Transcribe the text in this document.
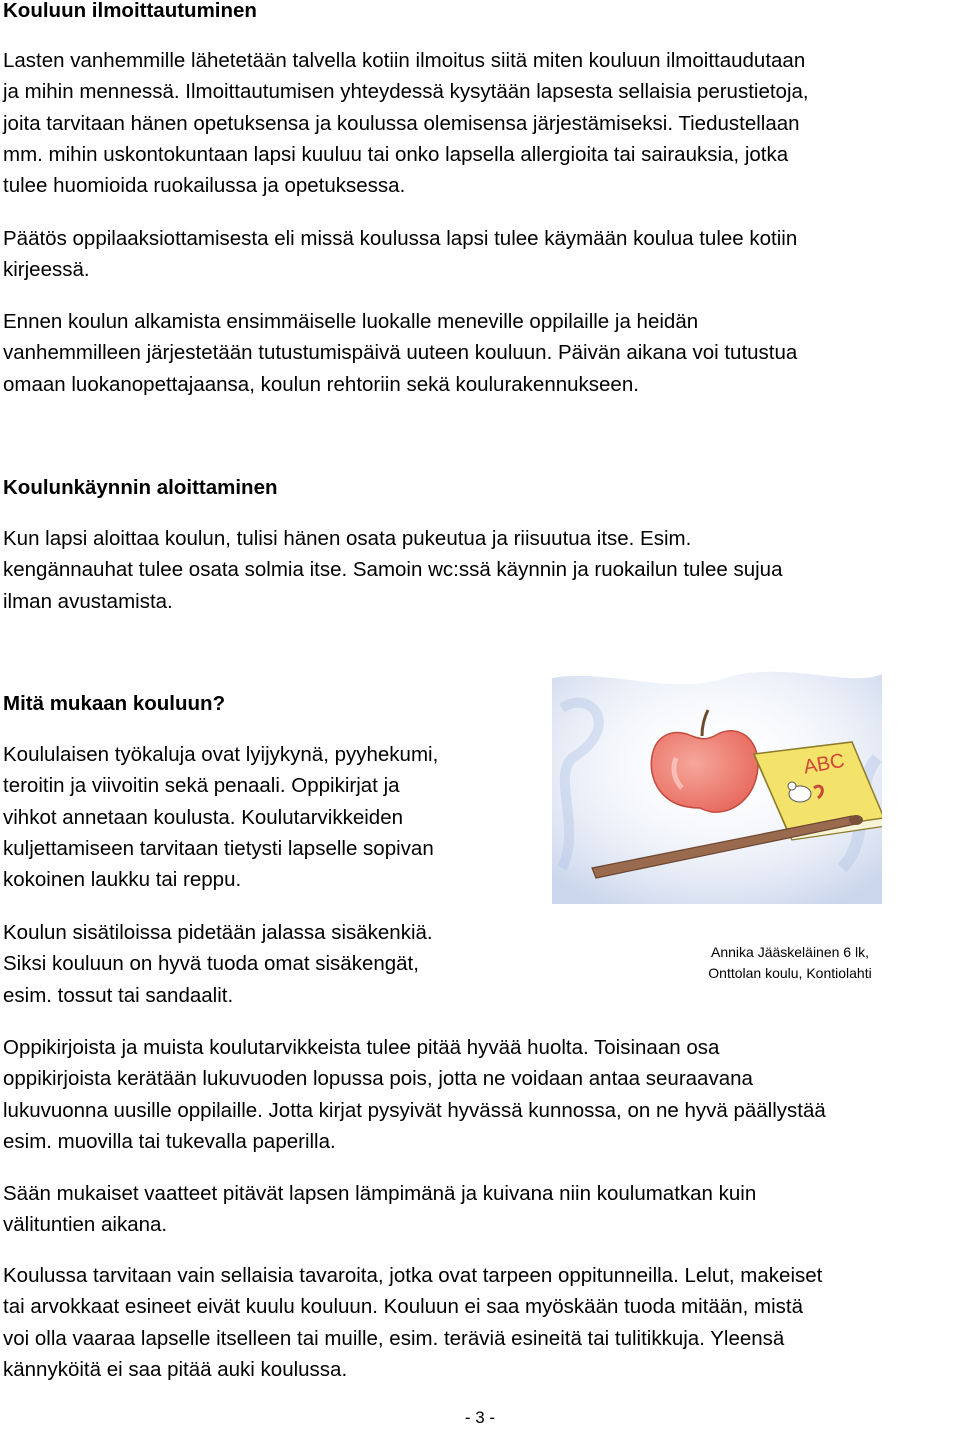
Kouluun ilmoittautuminen

Lasten vanhemmille lähetetään talvella kotiin ilmoitus siitä miten kouluun ilmoittaudutaan

ja mihin mennessä. Ilmoittautumisen yhteydessä kysytään lapsesta sellaisia perustietoja,

joita tarvitaan hänen opetuksensa ja koulussa olemisensa järjestämiseksi. Tiedustellaan

mm. mihin uskontokuntaan lapsi kuuluu tai onko lapsella allergioita tai sairauksia, jotka

tulee huomioida ruokailussa ja opetuksessa.

Päätös oppilaaksiottamisesta eli missä koulussa lapsi tulee käymään koulua tulee kotiin

kirjeessä.

Ennen koulun alkamista ensimmäiselle luokalle meneville oppilaille ja heidän

vanhemmilleen järjestetään tutustumispäivä uuteen kouluun. Päivän aikana voi tutustua

omaan luokanopettajaansa, koulun rehtoriin sekä koulurakennukseen.

Koulunkäynnin aloittaminen

Kun lapsi aloittaa koulun, tulisi hänen osata pukeutua ja riisuutua itse. Esim.

kengännauhat tulee osata solmia itse. Samoin wc:ssä käynnin ja ruokailun tulee sujua

ilman avustamista.

Mitä mukaan kouluun?

Koululaisen työkaluja ovat lyijykynä, pyyhekumi,

teroitin ja viivoitin sekä penaali. Oppikirjat ja

vihkot annetaan koulusta. Koulutarvikkeiden

kuljettamiseen tarvitaan tietysti lapselle sopivan

kokoinen laukku tai reppu.

Koulun sisätiloissa pidetään jalassa sisäkenkiä.

Siksi kouluun on hyvä tuoda omat sisäkengät,

esim. tossut tai sandaalit.

Oppikirjoista ja muista koulutarvikkeista tulee pitää hyvää huolta. Toisinaan osa

oppikirjoista kerätään lukuvuoden lopussa pois, jotta ne voidaan antaa seuraavana

lukuvuonna uusille oppilaille. Jotta kirjat pysyivät hyvässä kunnossa, on ne hyvä päällystää

esim. muovilla tai tukevalla paperilla.

Sään mukaiset vaatteet pitävät lapsen lämpimänä ja kuivana niin koulumatkan kuin

välituntien aikana.

Koulussa tarvitaan vain sellaisia tavaroita, jotka ovat tarpeen oppitunneilla. Lelut, makeiset

tai arvokkaat esineet eivät kuulu kouluun. Kouluun ei saa myöskään tuoda mitään, mistä

voi olla vaaraa lapselle itselleen tai muille, esim. teräviä esineitä tai tulitikkuja. Yleensä

kännyköitä ei saa pitää auki koulussa.

ABC
Annika Jääskeläinen 6 lk,
Onttolan koulu, Kontiolahti
- 3 -
